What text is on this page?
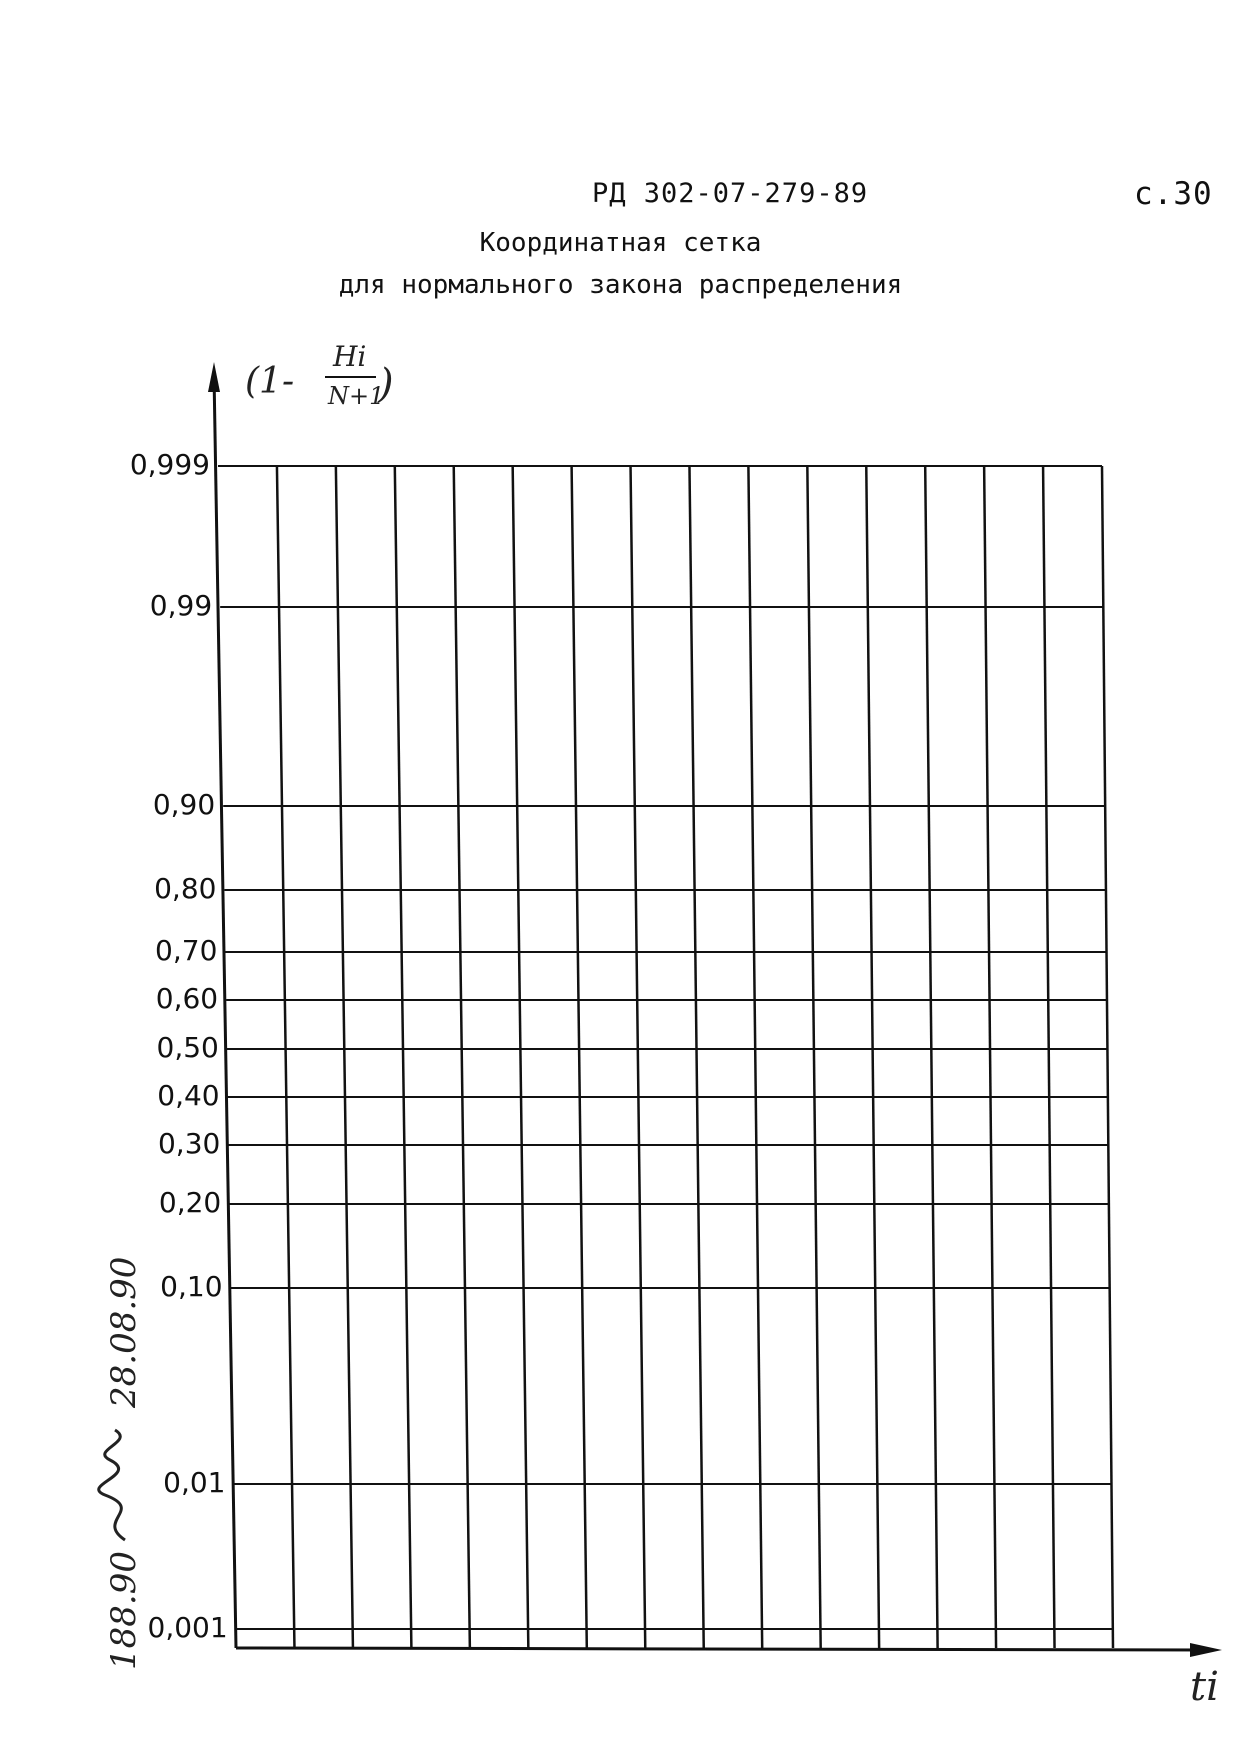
РД 302-07-279-89	с.30
Координатная сетка
для нормального закона распределения
(1-
Hi
N+1
)
ti
0,999
0,99
0,90
0,80
0,70
0,60
0,50
0,40
0,30
0,20
0,10
0,01
0,001
188.90
28.08.90
